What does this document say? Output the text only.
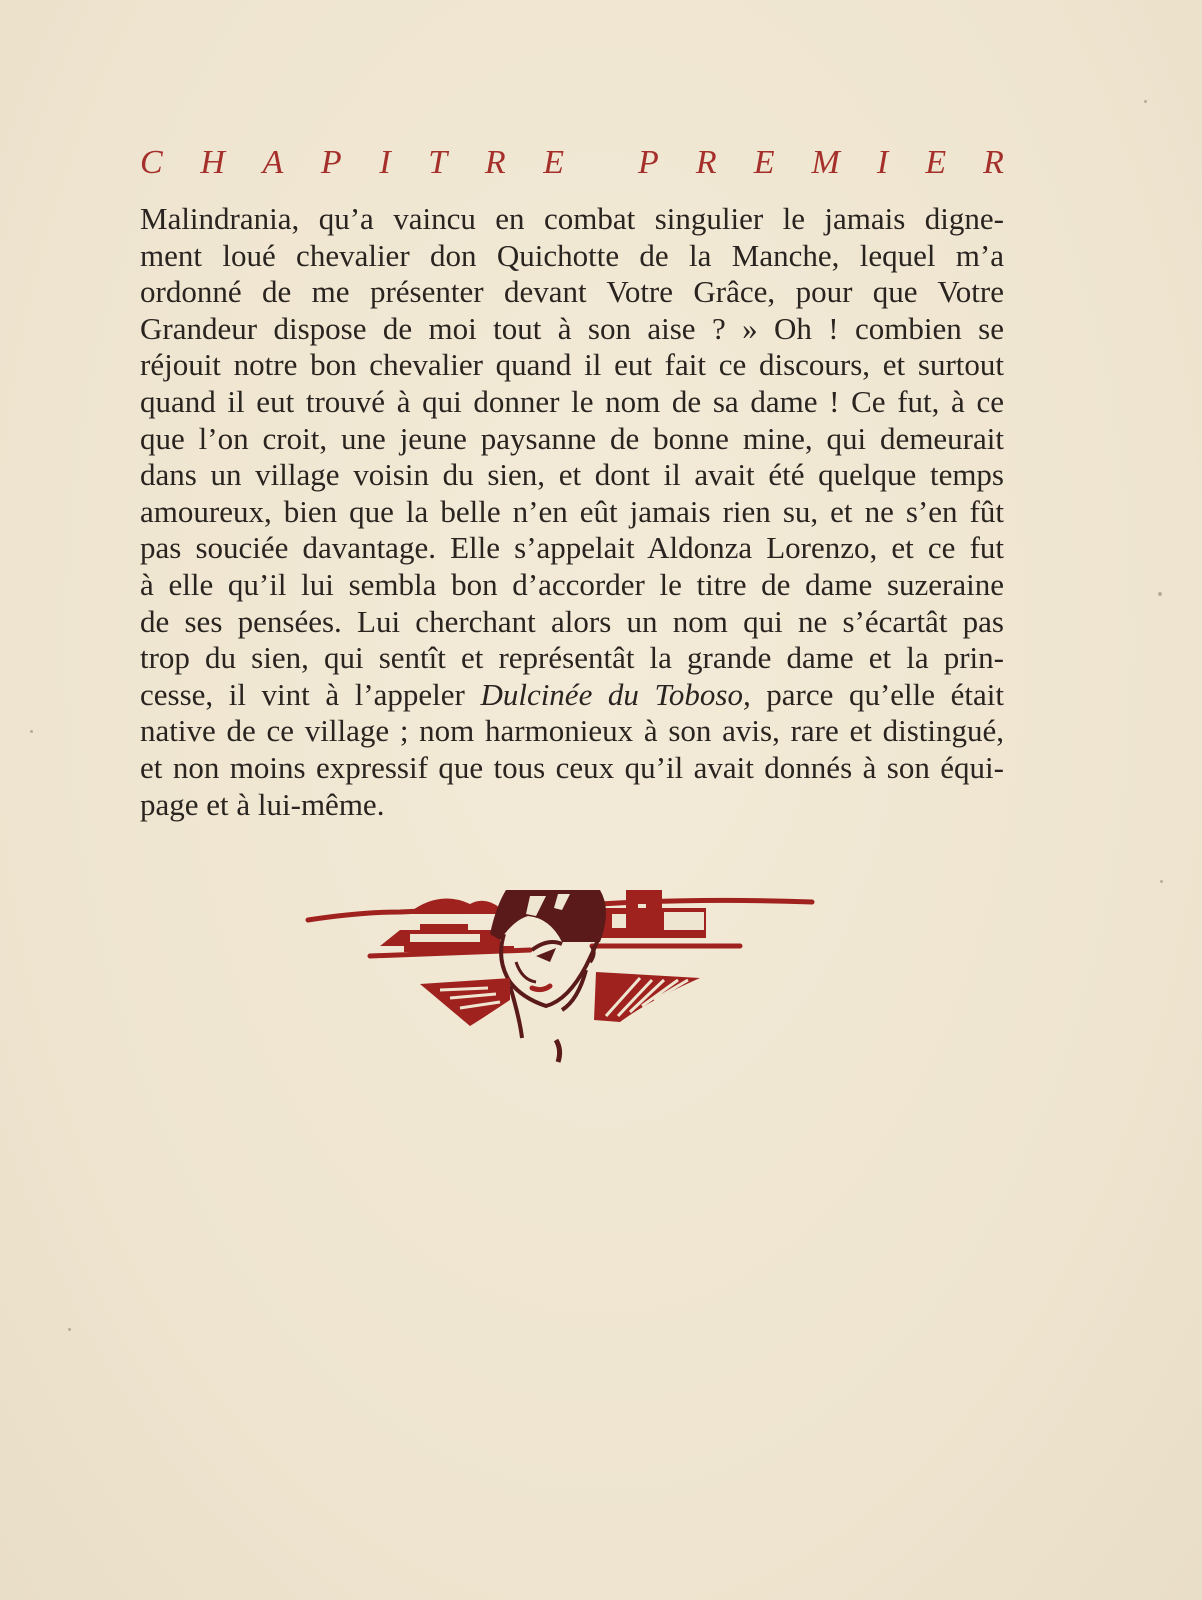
C H A P I T R E P R E M I E R
Malindrania, qu’a vaincu en combat singulier le jamais digne-
ment loué chevalier don Quichotte de la Manche, lequel m’a
ordonné de me présenter devant Votre Grâce, pour que Votre
Grandeur dispose de moi tout à son aise ? » Oh ! combien se
réjouit notre bon chevalier quand il eut fait ce discours, et surtout
quand il eut trouvé à qui donner le nom de sa dame ! Ce fut, à ce
que l’on croit, une jeune paysanne de bonne mine, qui demeurait
dans un village voisin du sien, et dont il avait été quelque temps
amoureux, bien que la belle n’en eût jamais rien su, et ne s’en fût
pas souciée davantage. Elle s’appelait Aldonza Lorenzo, et ce fut
à elle qu’il lui sembla bon d’accorder le titre de dame suzeraine
de ses pensées. Lui cherchant alors un nom qui ne s’écartât pas
trop du sien, qui sentît et représentât la grande dame et la prin-
cesse, il vint à l’appeler Dulcinée du Toboso, parce qu’elle était
native de ce village ; nom harmonieux à son avis, rare et distingué,
et non moins expressif que tous ceux qu’il avait donnés à son équi-
page et à lui-même.
